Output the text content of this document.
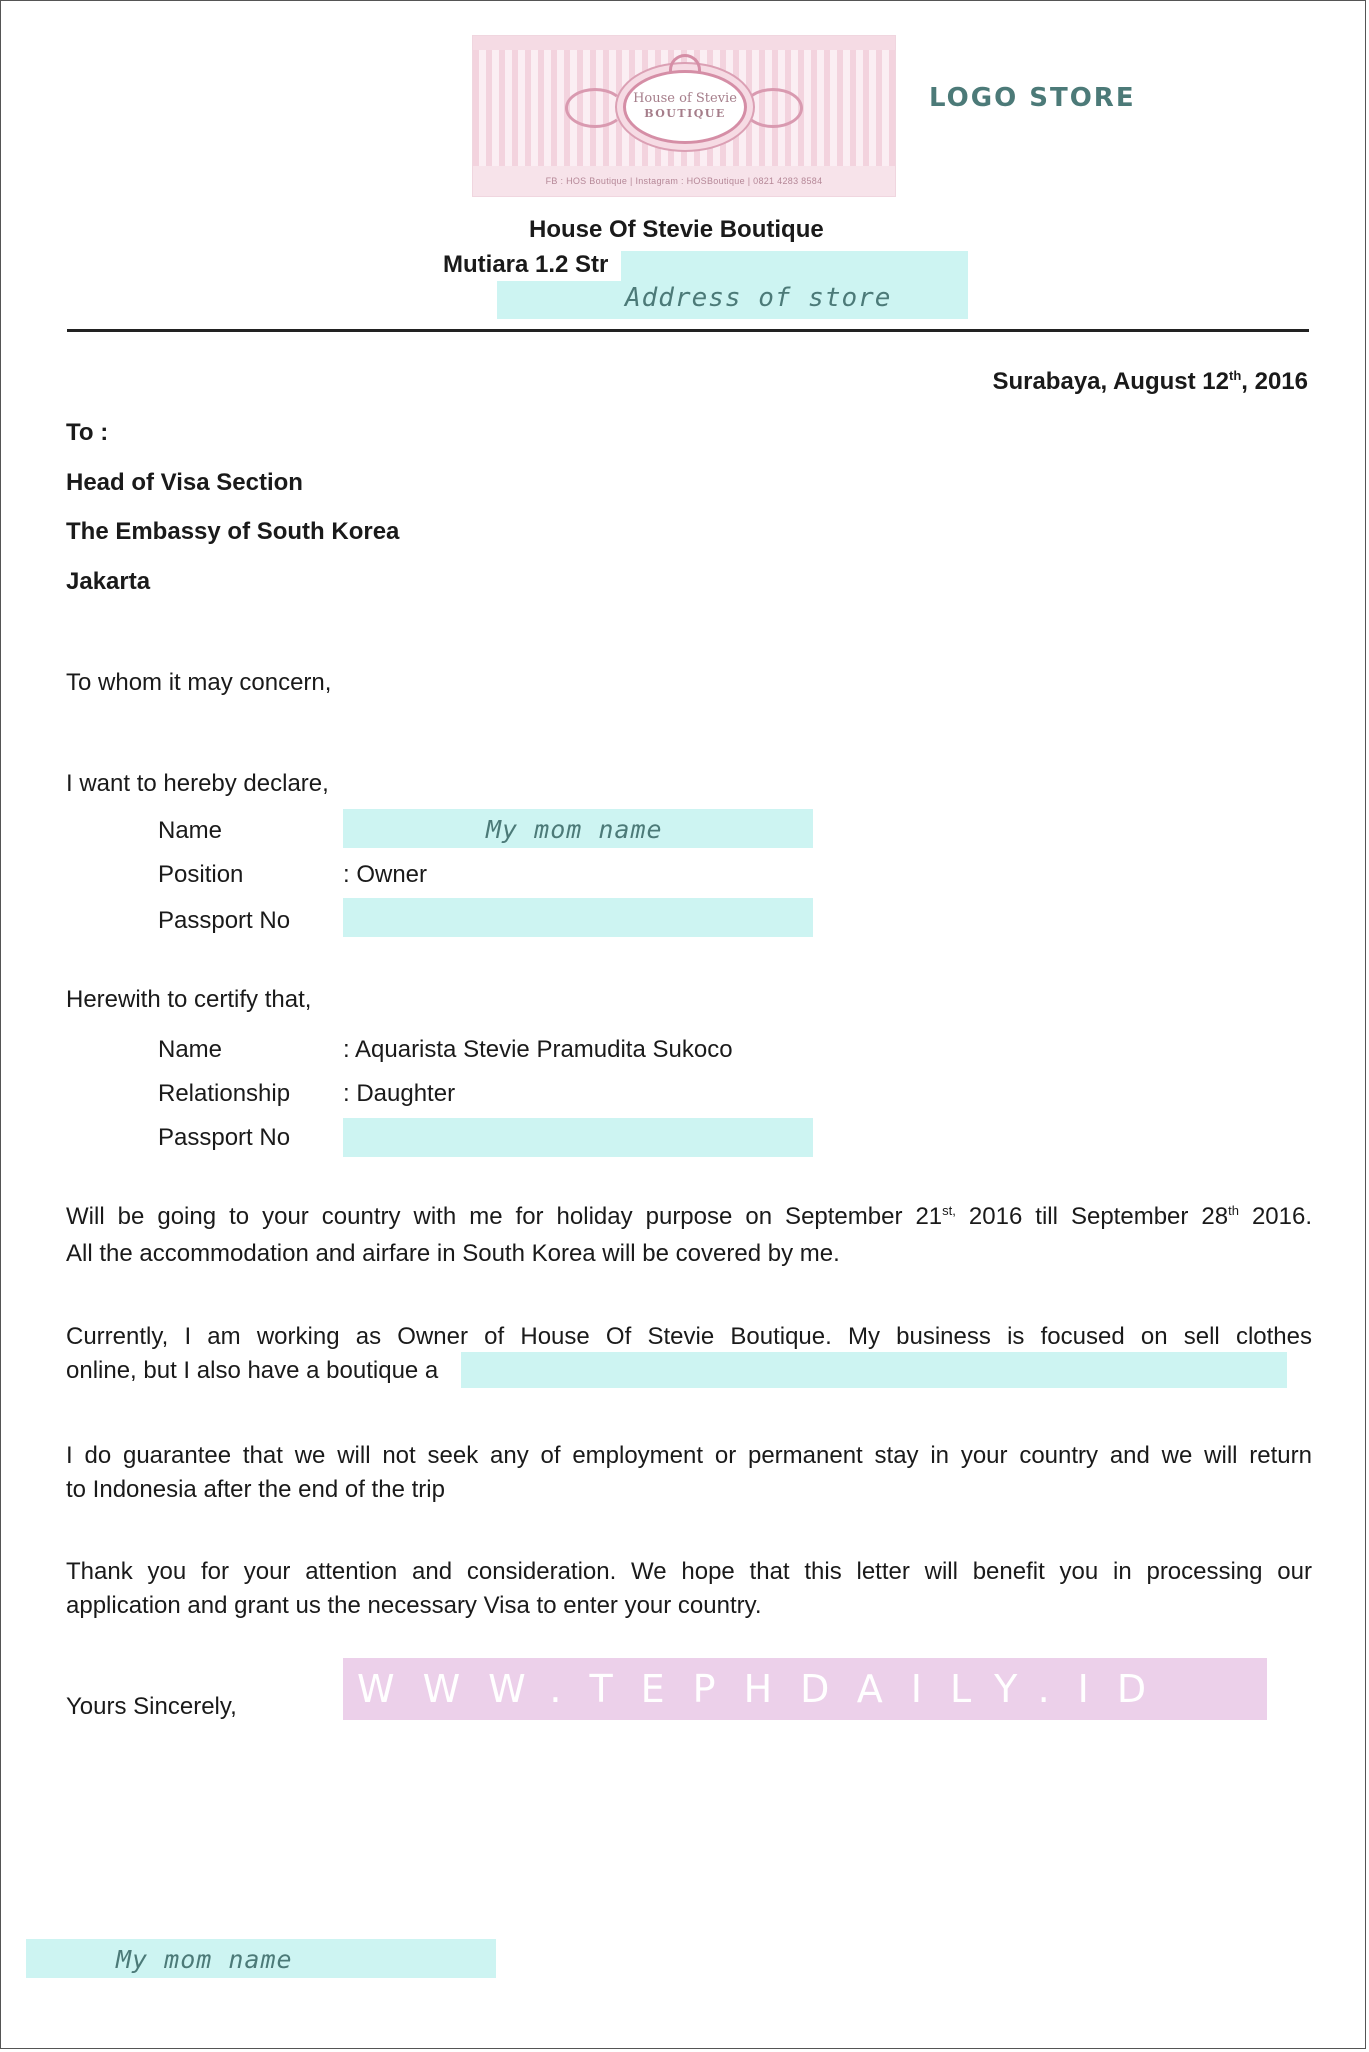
House of Stevie
BOUTIQUE
FB : HOS Boutique | Instagram : HOSBoutique | 0821 4283 8584
LOGO STORE
House Of Stevie Boutique
Mutiara 1.2 Str
Address of store
Surabaya, August 12th, 2016
To :
Head of Visa Section
The Embassy of South Korea
Jakarta
To whom it may concern,
I want to hereby declare,
Name	My mom name
Position	: Owner
Passport No
Herewith to certify that,
Name	: Aquarista Stevie Pramudita Sukoco
Relationship : Daughter
Passport No
Will be going to your country with me for holiday purpose on September $21^{st,}$ 2016 till September 28th 2016.
All the accommodation and airfare in South Korea will be covered by me.
Currently, I am working as Owner of House Of Stevie Boutique. My business is focused on sell clothes
online, but I also have a boutique a
I do guarantee that we will not seek any of employment or permanent stay in your country and we will return
to Indonesia after the end of the trip
Thank you for your attention and consideration. We hope that this letter will benefit you in processing our
application and grant us the necessary Visa to enter your country.
Yours Sincerely,	WWW.TEPHDAILY.ID
My mom name
